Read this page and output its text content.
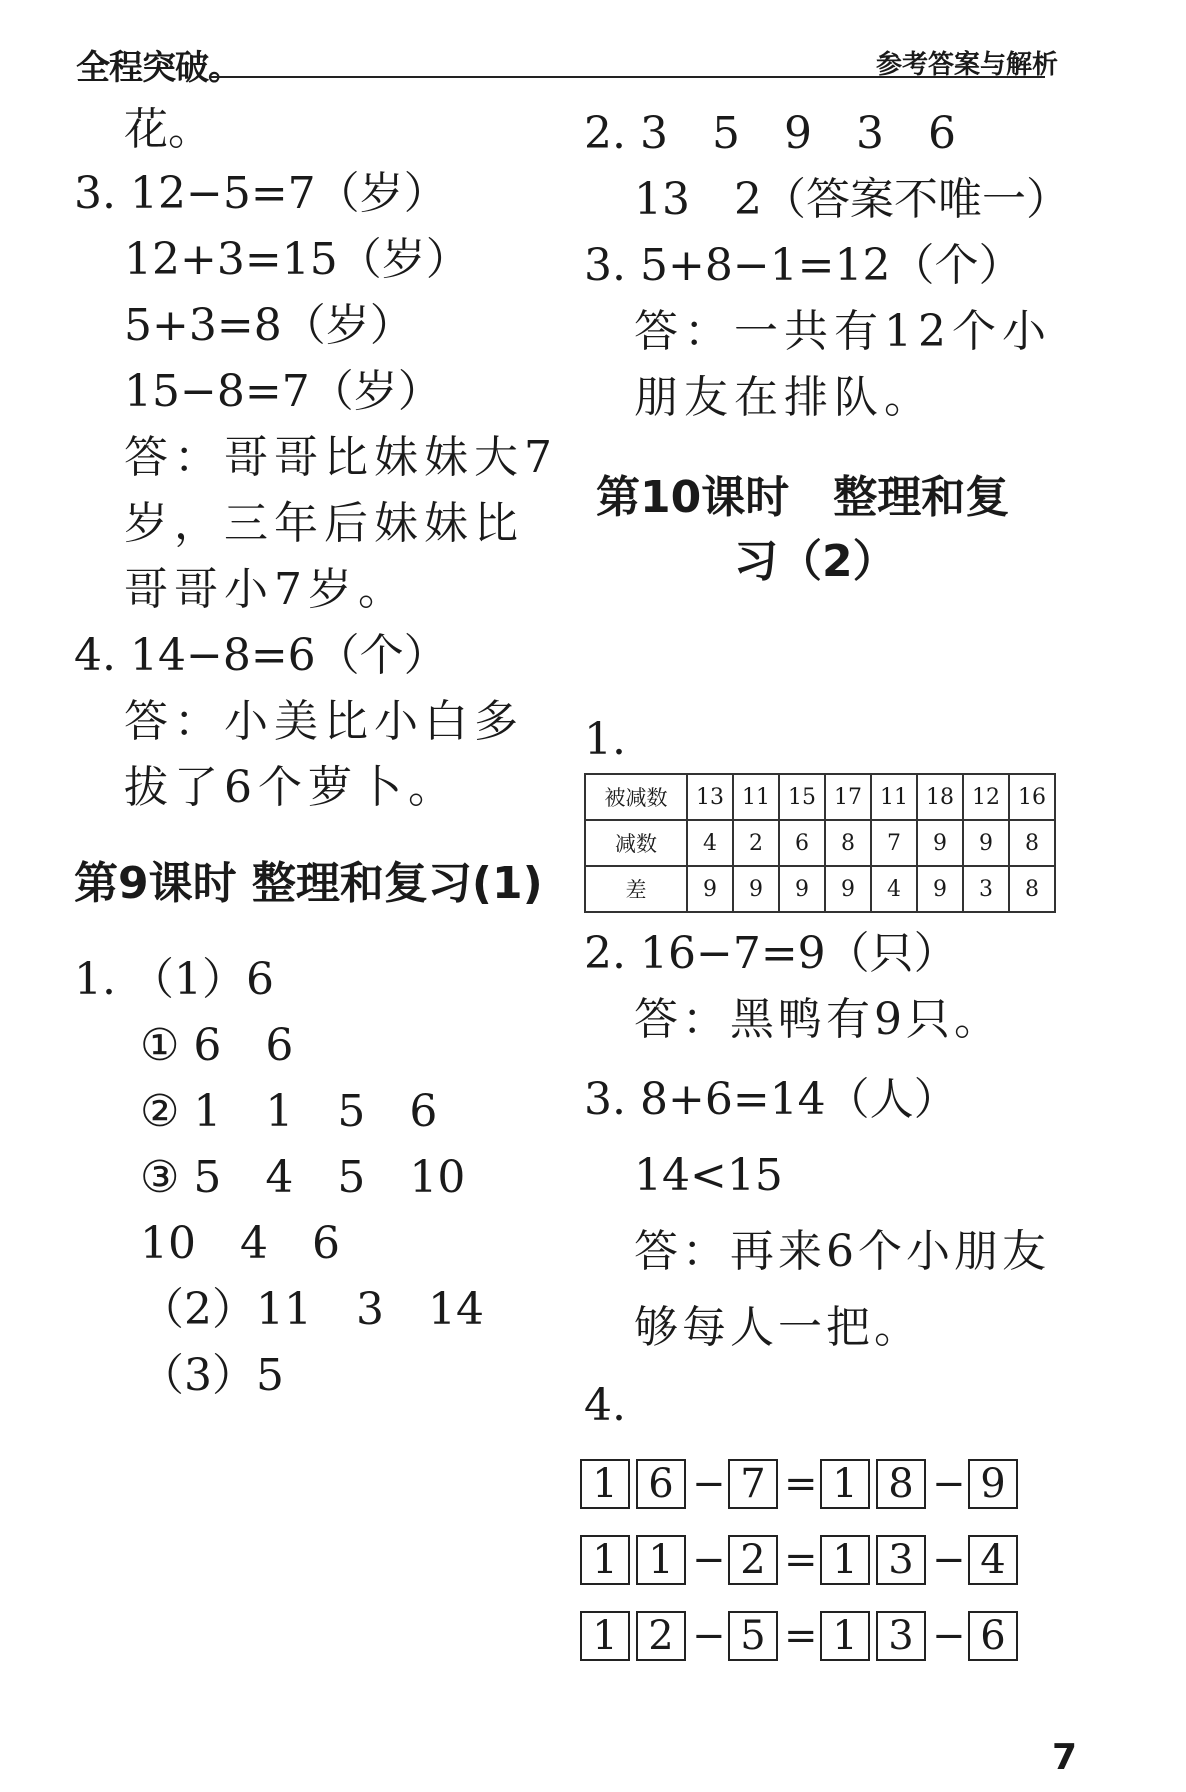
全程突破。	参考答案与解析
花。
3. 12−5=7（岁）
12+3=15（岁）
5+3=8（岁）
15−8=7（岁）
答：哥哥比妹妹大7
岁，三年后妹妹比
哥哥小7岁。
4. 14−8=6（个）
答：小美比小白多
拔了6个萝卜。
第9课时 整理和复习(1)
1. （1）6
① 6　6
② 1　1　5　6
③ 5　4　5　10
10　4　6
（2）11　3　14
（3）5
2. 3　5　9　3　6
13　2（答案不唯一）
3. 5+8−1=12（个）
答：一共有12个小
朋友在排队。
第10课时　整理和复
习（2）
1.
被减数	13	11	15	17	11	18	12	16
减数	4	2	6	8	7	9	9	8
差	9	9	9	9	4	9	3	8
2. 16−7=9（只）
答：黑鸭有9只。
3. 8+6=14（人）
14<15
答：再来6个小朋友
够每人一把。
4.
1 6 − 7 = 1 8 − 9
1 1 − 2 = 1 3 − 4
1 2 − 5 = 1 3 − 6
7
